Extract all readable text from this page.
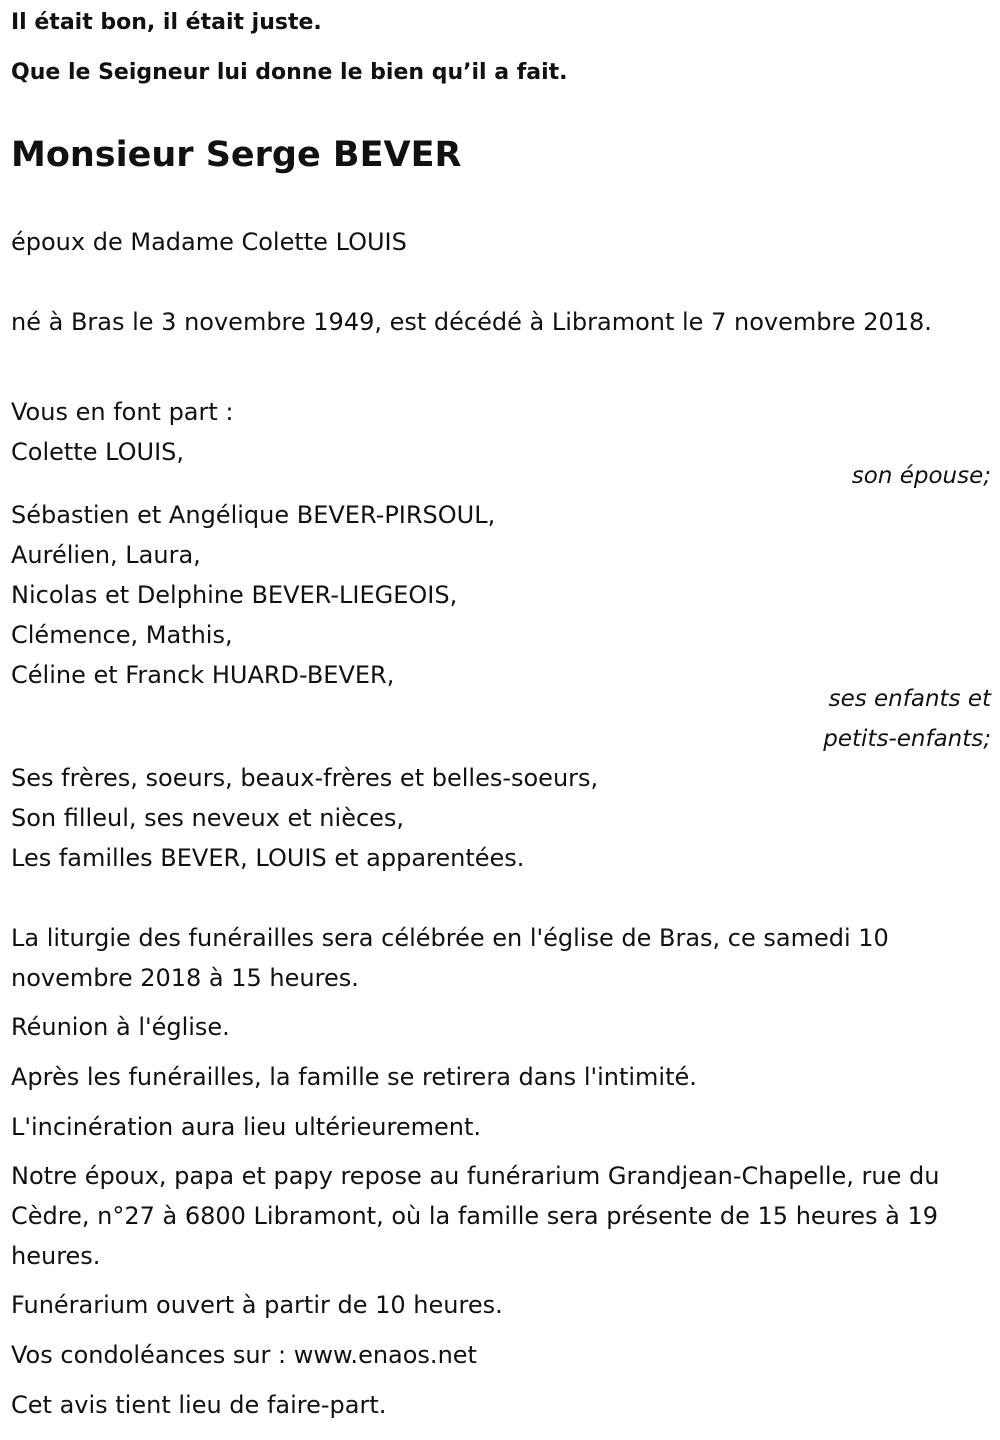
Il était bon, il était juste.

Que le Seigneur lui donne le bien qu’il a fait.

Monsieur Serge BEVER

époux de Madame Colette LOUIS

né à Bras le 3 novembre 1949, est décédé à Libramont le 7 novembre 2018.

Vous en font part :

Colette LOUIS,

son épouse;

Sébastien et Angélique BEVER-PIRSOUL,

Aurélien, Laura,

Nicolas et Delphine BEVER-LIEGEOIS,

Clémence, Mathis,

Céline et Franck HUARD-BEVER,

ses enfants et

petits-enfants;

Ses frères, soeurs, beaux-frères et belles-soeurs,

Son filleul, ses neveux et nièces,

Les familles BEVER, LOUIS et apparentées.

La liturgie des funérailles sera célébrée en l'église de Bras, ce samedi 10 novembre 2018 à 15 heures.

Réunion à l'église.

Après les funérailles, la famille se retirera dans l'intimité.

L'incinération aura lieu ultérieurement.

Notre époux, papa et papy repose au funérarium Grandjean-Chapelle, rue du Cèdre, n°27 à 6800 Libramont, où la famille sera présente de 15 heures à 19 heures.

Funérarium ouvert à partir de 10 heures.

Vos condoléances sur : www.enaos.net

Cet avis tient lieu de faire-part.
